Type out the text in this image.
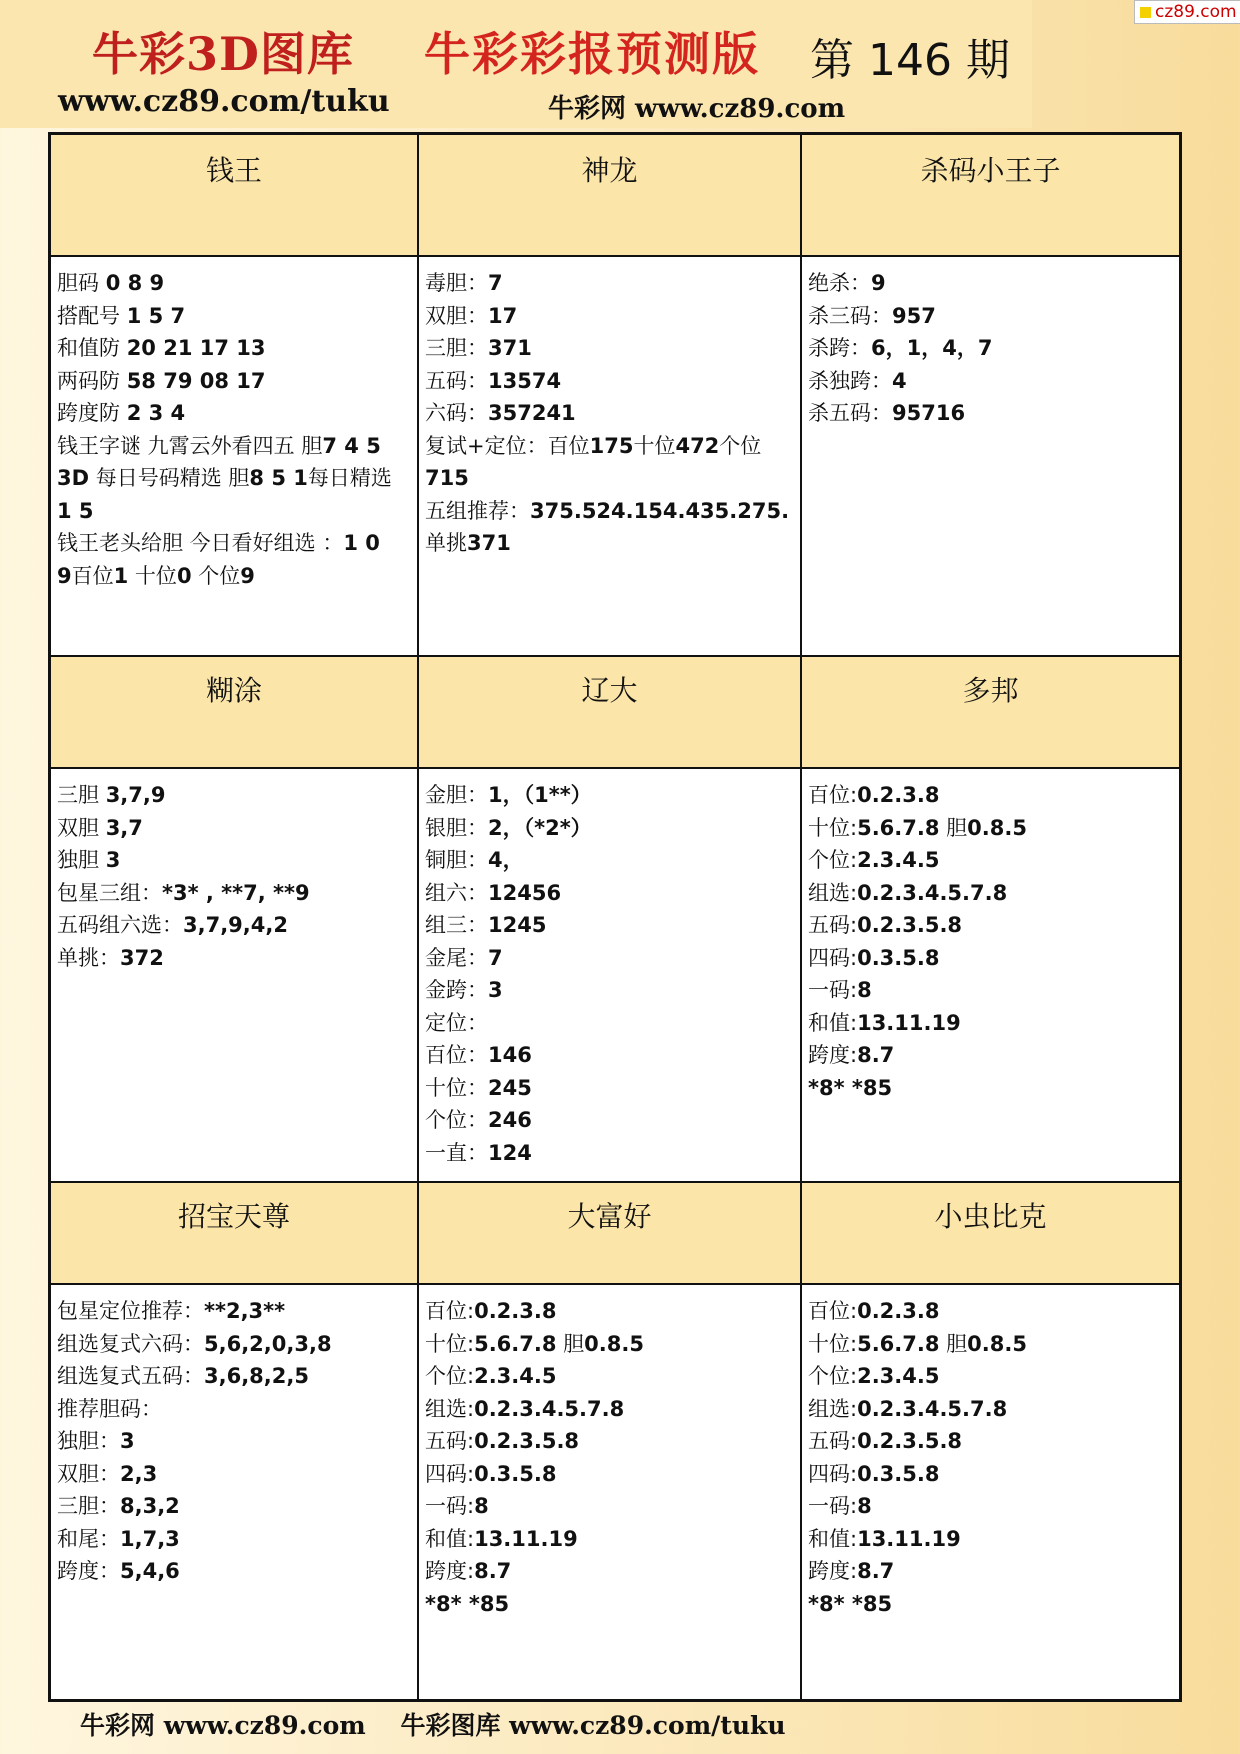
牛彩3D图库 牛彩彩报预测版 第 146 期
www.cz89.com/tuku	牛彩网 www.cz89.com
cz89.com
钱王
胆码 0 8 9
搭配号 1 5 7
和值防 20 21 17 13
两码防 58 79 08 17
跨度防 2 3 4
钱王字谜 九霄云外看四五 胆7 4 5
3D 每日号码精选 胆8 5 1每日精选
1 5
钱王老头给胆 今日看好组选 ：1 0
9百位1 十位0 个位9
神龙
毒胆：7
双胆：17
三胆：371
五码：13574
六码：357241
复试+定位：百位175十位472个位
715
五组推荐：375.524.154.435.275.
单挑371
杀码小王子
绝杀：9
杀三码：957
杀跨：6，1，4，7
杀独跨：4
杀五码：95716
糊涂
三胆 3,7,9
双胆 3,7
独胆 3
包星三组：*3* , **7, **9
五码组六选：3,7,9,4,2
单挑：372
辽大
金胆：1，（1**）
银胆：2，（*2*）
铜胆：4，
组六：12456
组三：1245
金尾：7
金跨：3
定位：
百位：146
十位：245
个位：246
一直：124
多邦
百位:0.2.3.8
十位:5.6.7.8 胆0.8.5
个位:2.3.4.5
组选:0.2.3.4.5.7.8
五码:0.2.3.5.8
四码:0.3.5.8
一码:8
和值:13.11.19
跨度:8.7
*8* *85
招宝天尊
包星定位推荐：**2,3**
组选复式六码：5,6,2,0,3,8
组选复式五码：3,6,8,2,5
推荐胆码：
独胆：3
双胆：2,3
三胆：8,3,2
和尾：1,7,3
跨度：5,4,6
大富好
百位:0.2.3.8
十位:5.6.7.8 胆0.8.5
个位:2.3.4.5
组选:0.2.3.4.5.7.8
五码:0.2.3.5.8
四码:0.3.5.8
一码:8
和值:13.11.19
跨度:8.7
*8* *85
小虫比克
百位:0.2.3.8
十位:5.6.7.8 胆0.8.5
个位:2.3.4.5
组选:0.2.3.4.5.7.8
五码:0.2.3.5.8
四码:0.3.5.8
一码:8
和值:13.11.19
跨度:8.7
*8* *85
牛彩网 www.cz89.com 牛彩图库 www.cz89.com/tuku
